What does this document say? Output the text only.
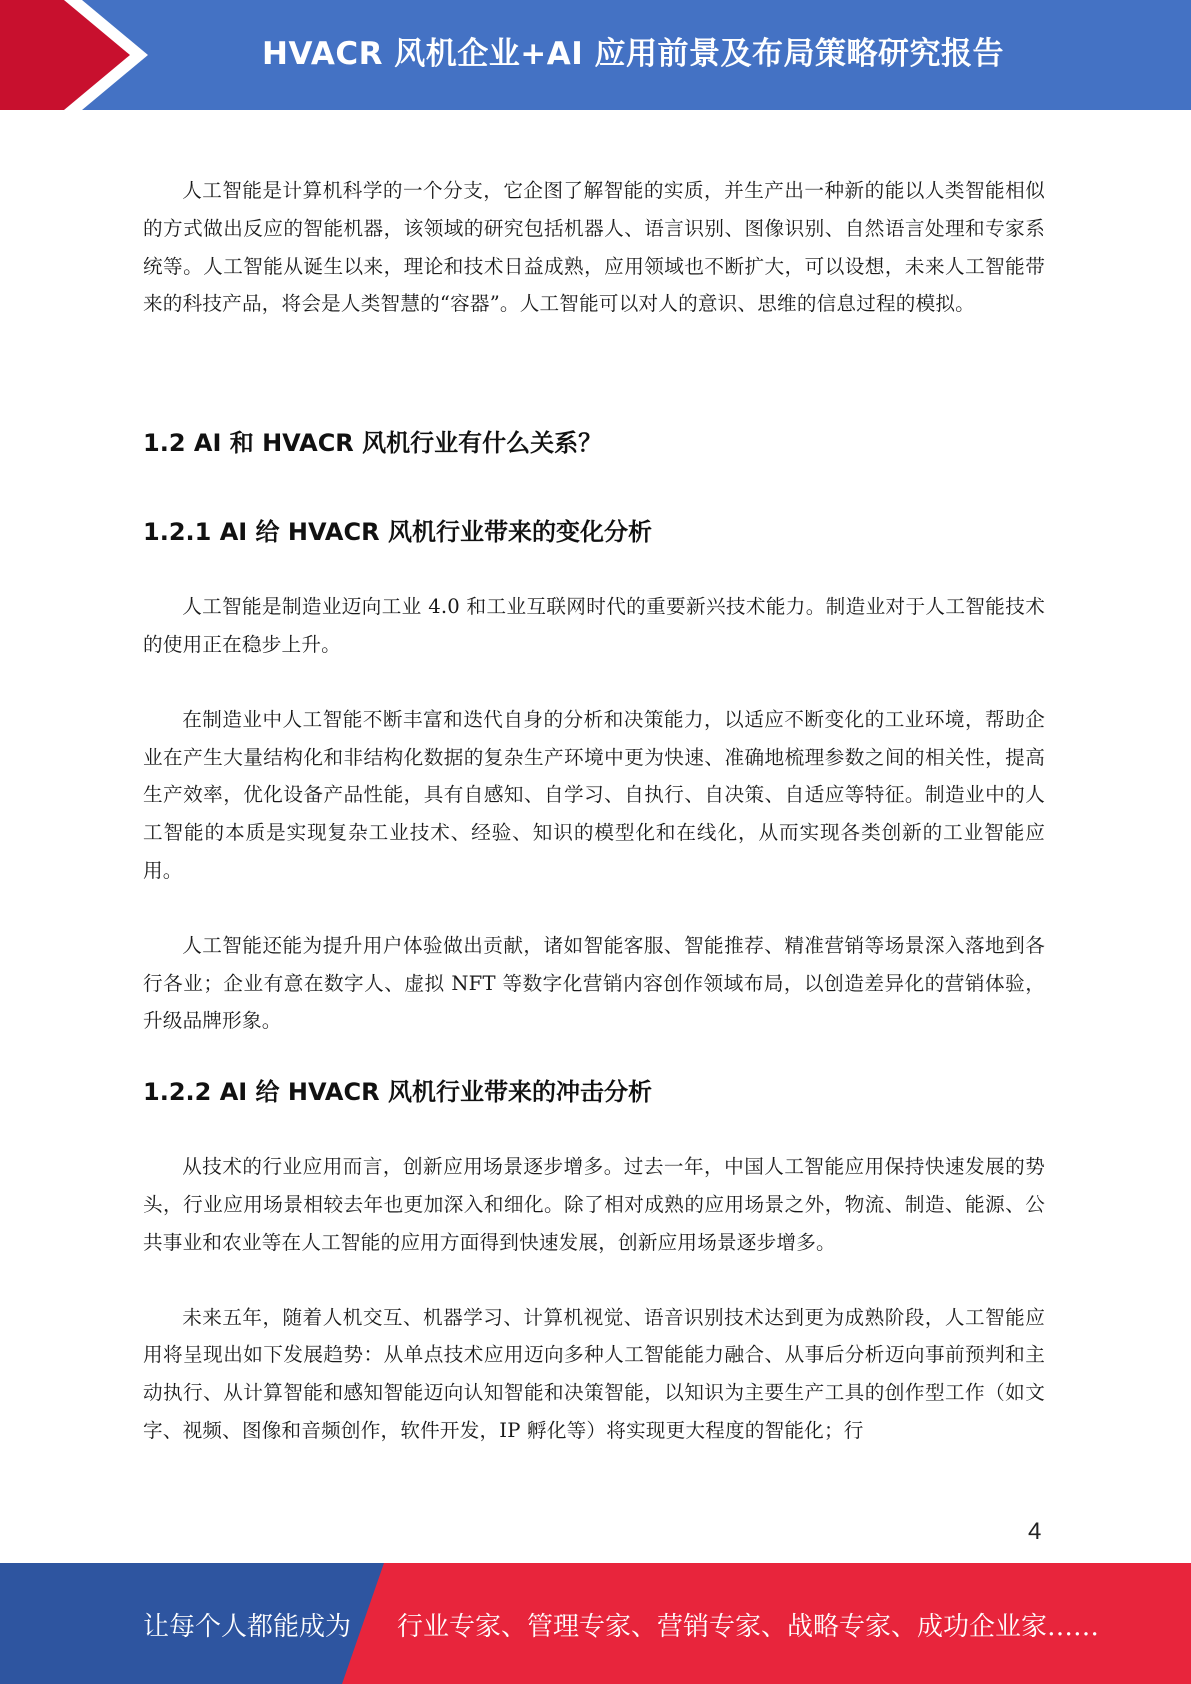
HVACR 风机企业+AI 应用前景及布局策略研究报告

人工智能是计算机科学的一个分支，它企图了解智能的实质，并生产出一种新的能以人类智能相似的方式做出反应的智能机器，该领域的研究包括机器人、语言识别、图像识别、自然语言处理和专家系统等。人工智能从诞生以来，理论和技术日益成熟，应用领域也不断扩大，可以设想，未来人工智能带来的科技产品，将会是人类智慧的“容器”。人工智能可以对人的意识、思维的信息过程的模拟。

1.2 AI 和 HVACR 风机行业有什么关系？
1.2.1 AI 给 HVACR 风机行业带来的变化分析

人工智能是制造业迈向工业 4.0 和工业互联网时代的重要新兴技术能力。制造业对于人工智能技术的使用正在稳步上升。

在制造业中人工智能不断丰富和迭代自身的分析和决策能力，以适应不断变化的工业环境，帮助企业在产生大量结构化和非结构化数据的复杂生产环境中更为快速、准确地梳理参数之间的相关性，提高生产效率，优化设备产品性能，具有自感知、自学习、自执行、自决策、自适应等特征。制造业中的人工智能的本质是实现复杂工业技术、经验、知识的模型化和在线化，从而实现各类创新的工业智能应用。

人工智能还能为提升用户体验做出贡献，诸如智能客服、智能推荐、精准营销等场景深入落地到各行各业；企业有意在数字人、虚拟 NFT 等数字化营销内容创作领域布局，以创造差异化的营销体验，升级品牌形象。

1.2.2 AI 给 HVACR 风机行业带来的冲击分析

从技术的行业应用而言，创新应用场景逐步增多。过去一年，中国人工智能应用保持快速发展的势头，行业应用场景相较去年也更加深入和细化。除了相对成熟的应用场景之外，物流、制造、能源、公共事业和农业等在人工智能的应用方面得到快速发展，创新应用场景逐步增多。

未来五年，随着人机交互、机器学习、计算机视觉、语音识别技术达到更为成熟阶段，人工智能应用将呈现出如下发展趋势：从单点技术应用迈向多种人工智能能力融合、从事后分析迈向事前预判和主动执行、从计算智能和感知智能迈向认知智能和决策智能，以知识为主要生产工具的创作型工作（如文字、视频、图像和音频创作，软件开发，IP 孵化等）将实现更大程度的智能化；行

4
让每个人都能成为 行业专家、管理专家、营销专家、战略专家、成功企业家……
